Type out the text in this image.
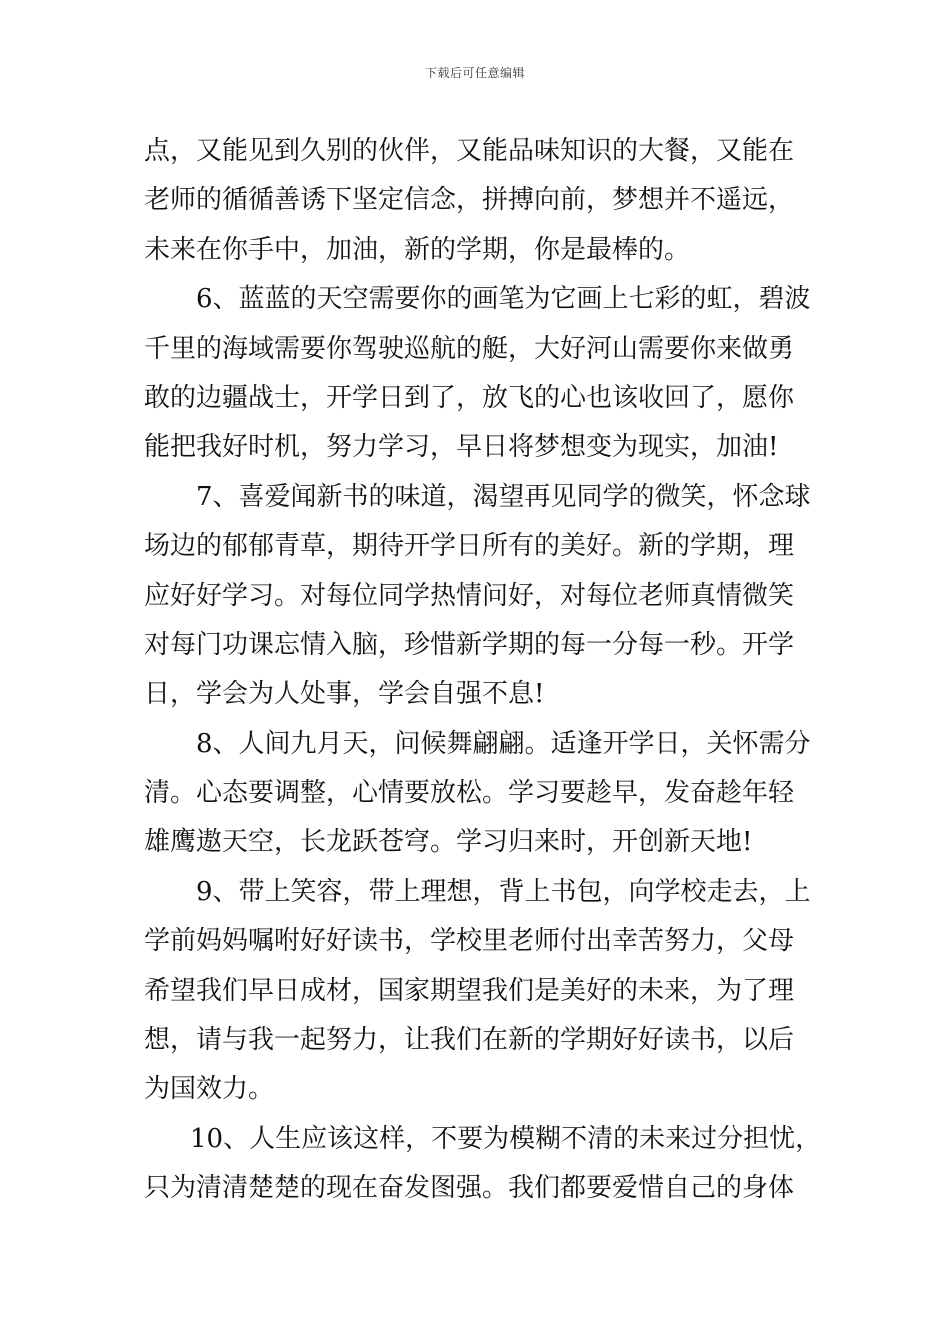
下载后可任意编辑
点，又能见到久别的伙伴，又能品味知识的大餐，又能在
老师的循循善诱下坚定信念，拼搏向前，梦想并不遥远，
未来在你手中，加油，新的学期，你是最棒的。
6、蓝蓝的天空需要你的画笔为它画上七彩的虹，碧波
千里的海域需要你驾驶巡航的艇，大好河山需要你来做勇
敢的边疆战士，开学日到了，放飞的心也该收回了，愿你
能把我好时机，努力学习，早日将梦想变为现实，加油!
7、喜爱闻新书的味道，渴望再见同学的微笑，怀念球
场边的郁郁青草，期待开学日所有的美好。新的学期，理
应好好学习。对每位同学热情问好，对每位老师真情微笑
对每门功课忘情入脑，珍惜新学期的每一分每一秒。开学
日，学会为人处事，学会自强不息!
8、人间九月天，问候舞翩翩。适逢开学日，关怀需分
清。心态要调整，心情要放松。学习要趁早，发奋趁年轻
雄鹰遨天空，长龙跃苍穹。学习归来时，开创新天地!
9、带上笑容，带上理想，背上书包，向学校走去，上
学前妈妈嘱咐好好读书，学校里老师付出幸苦努力，父母
希望我们早日成材，国家期望我们是美好的未来，为了理
想，请与我一起努力，让我们在新的学期好好读书，以后
为国效力。
10、人生应该这样，不要为模糊不清的未来过分担忧，
只为清清楚楚的现在奋发图强。我们都要爱惜自己的身体
